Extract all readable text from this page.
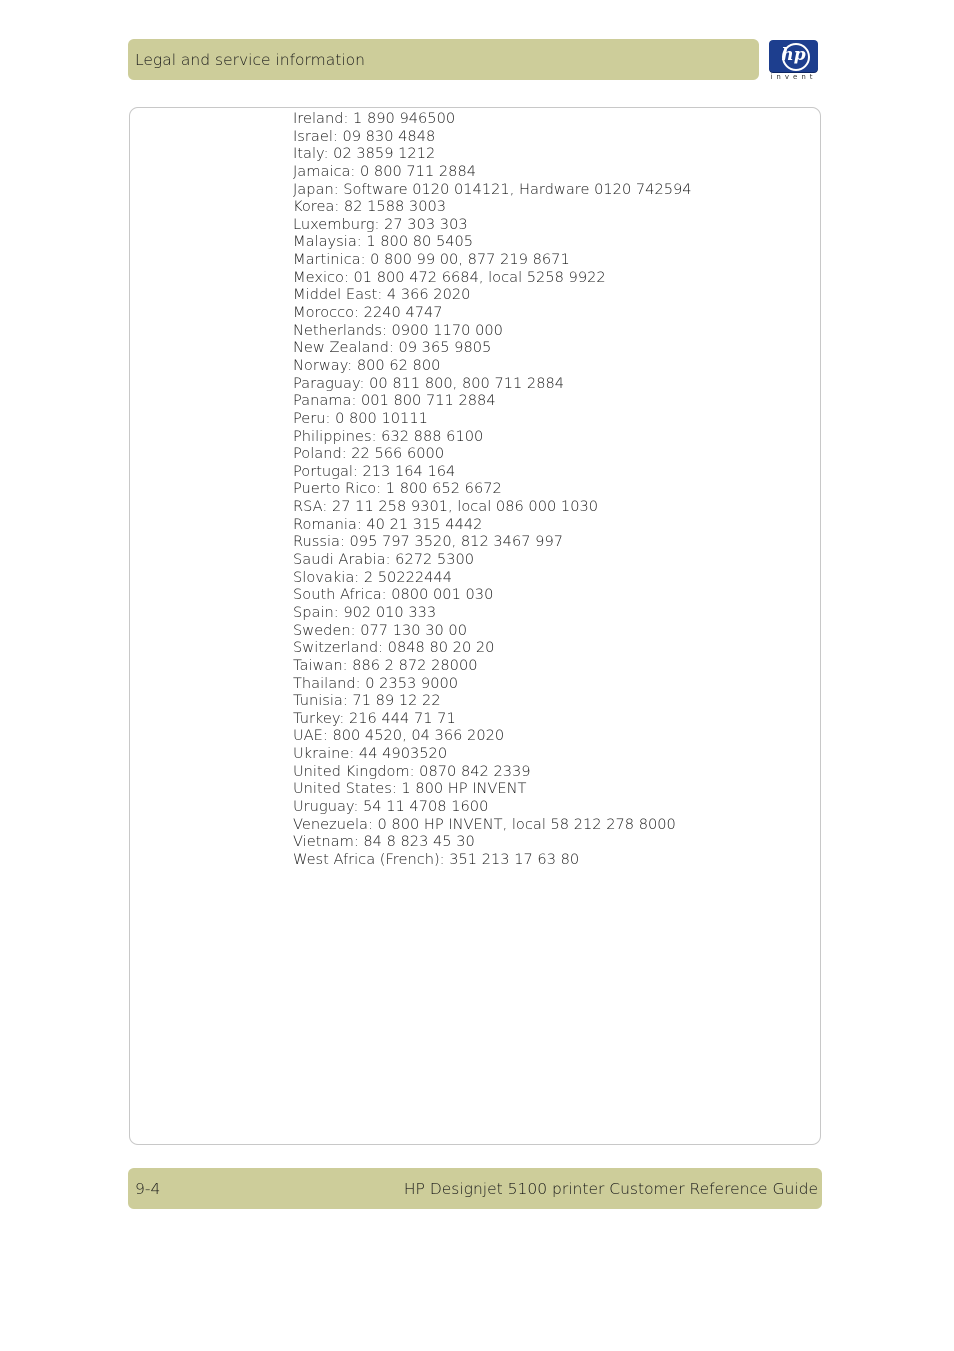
Legal and service information	hp
invent
Ireland: 1 890 946500
Israel: 09 830 4848
Italy: 02 3859 1212
Jamaica: 0 800 711 2884
Japan: Software 0120 014121, Hardware 0120 742594
Korea: 82 1588 3003
Luxemburg: 27 303 303
Malaysia: 1 800 80 5405
Martinica: 0 800 99 00, 877 219 8671
Mexico: 01 800 472 6684, local 5258 9922
Middel East: 4 366 2020
Morocco: 2240 4747
Netherlands: 0900 1170 000
New Zealand: 09 365 9805
Norway: 800 62 800
Paraguay: 00 811 800, 800 711 2884
Panama: 001 800 711 2884
Peru: 0 800 10111
Philippines: 632 888 6100
Poland: 22 566 6000
Portugal: 213 164 164
Puerto Rico: 1 800 652 6672
RSA: 27 11 258 9301, local 086 000 1030
Romania: 40 21 315 4442
Russia: 095 797 3520, 812 3467 997
Saudi Arabia: 6272 5300
Slovakia: 2 50222444
South Africa: 0800 001 030
Spain: 902 010 333
Sweden: 077 130 30 00
Switzerland: 0848 80 20 20
Taiwan: 886 2 872 28000
Thailand: 0 2353 9000
Tunisia: 71 89 12 22
Turkey: 216 444 71 71
UAE: 800 4520, 04 366 2020
Ukraine: 44 4903520
United Kingdom: 0870 842 2339
United States: 1 800 HP INVENT
Uruguay: 54 11 4708 1600
Venezuela: 0 800 HP INVENT, local 58 212 278 8000
Vietnam: 84 8 823 45 30
West Africa (French): 351 213 17 63 80
9-4	HP Designjet 5100 printer Customer Reference Guide
